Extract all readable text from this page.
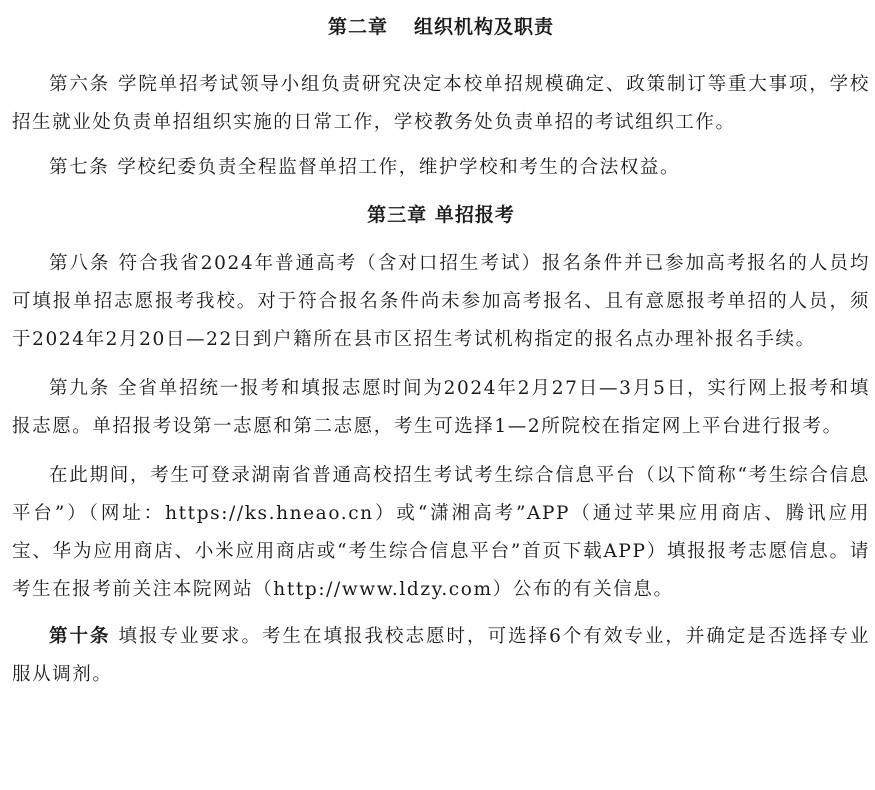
第二章 组织机构及职责

第六条 学院单招考试领导小组负责研究决定本校单招规模确定、政策制订等重大事项，学校招生就业处负责单招组织实施的日常工作，学校教务处负责单招的考试组织工作。

第七条 学校纪委负责全程监督单招工作，维护学校和考生的合法权益。

第三章 单招报考

第八条 符合我省2024年普通高考（含对口招生考试）报名条件并已参加高考报名的人员均可填报单招志愿报考我校。对于符合报名条件尚未参加高考报名、且有意愿报考单招的人员，须于2024年2月20日—22日到户籍所在县市区招生考试机构指定的报名点办理补报名手续。

第九条 全省单招统一报考和填报志愿时间为2024年2月27日—3月5日，实行网上报考和填报志愿。单招报考设第一志愿和第二志愿，考生可选择1—2所院校在指定网上平台进行报考。

在此期间，考生可登录湖南省普通高校招生考试考生综合信息平台（以下简称“考生综合信息平台”）（网址：https://ks.hneao.cn）或“潇湘高考”APP（通过苹果应用商店、腾讯应用宝、华为应用商店、小米应用商店或“考生综合信息平台”首页下载APP）填报报考志愿信息。请考生在报考前关注本院网站（http://www.ldzy.com）公布的有关信息。

第十条 填报专业要求。考生在填报我校志愿时，可选择6个有效专业，并确定是否选择专业服从调剂。
